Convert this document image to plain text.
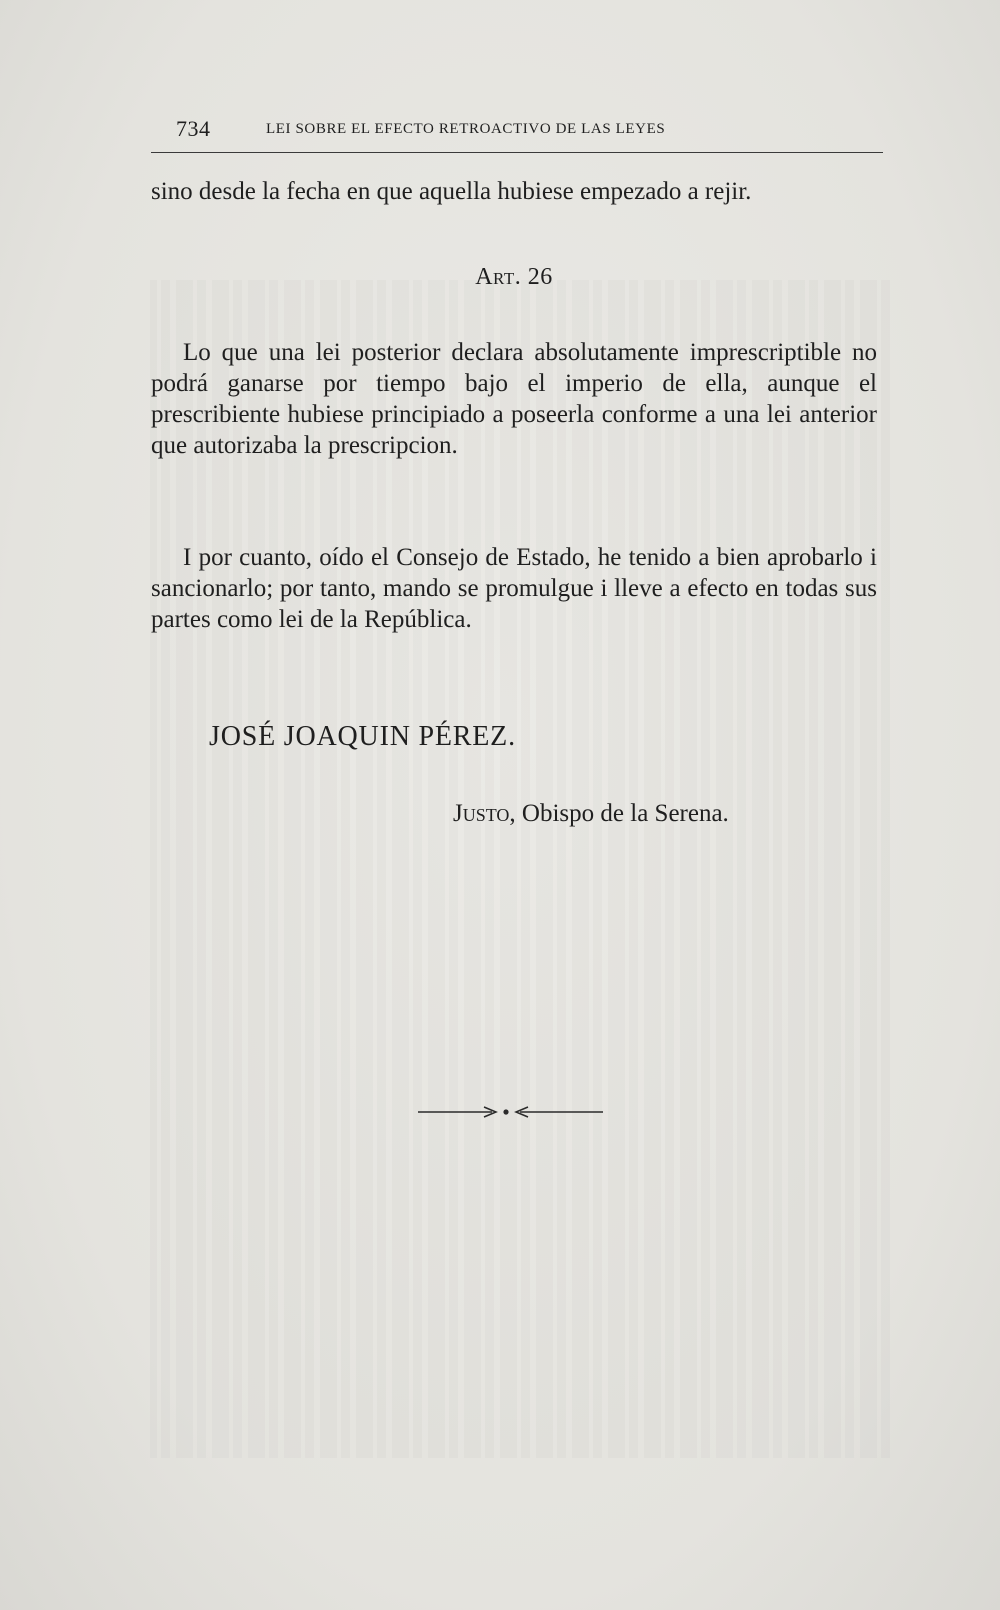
734	LEI SOBRE EL EFECTO RETROACTIVO DE LAS LEYES

sino desde la fecha en que aquella hubiese empezado a rejir.

Art. 26

Lo que una lei posterior declara absolutamente imprescriptible no podrá ganarse por tiempo bajo el imperio de ella, aunque el prescribiente hubiese principiado a poseerla conforme a una lei anterior que autorizaba la prescripcion.

I por cuanto, oído el Consejo de Estado, he tenido a bien aprobarlo i sancionarlo; por tanto, mando se promulgue i lleve a efecto en todas sus partes como lei de la República.

JOSÉ JOAQUIN PÉREZ.
Justo, Obispo de la Serena.
